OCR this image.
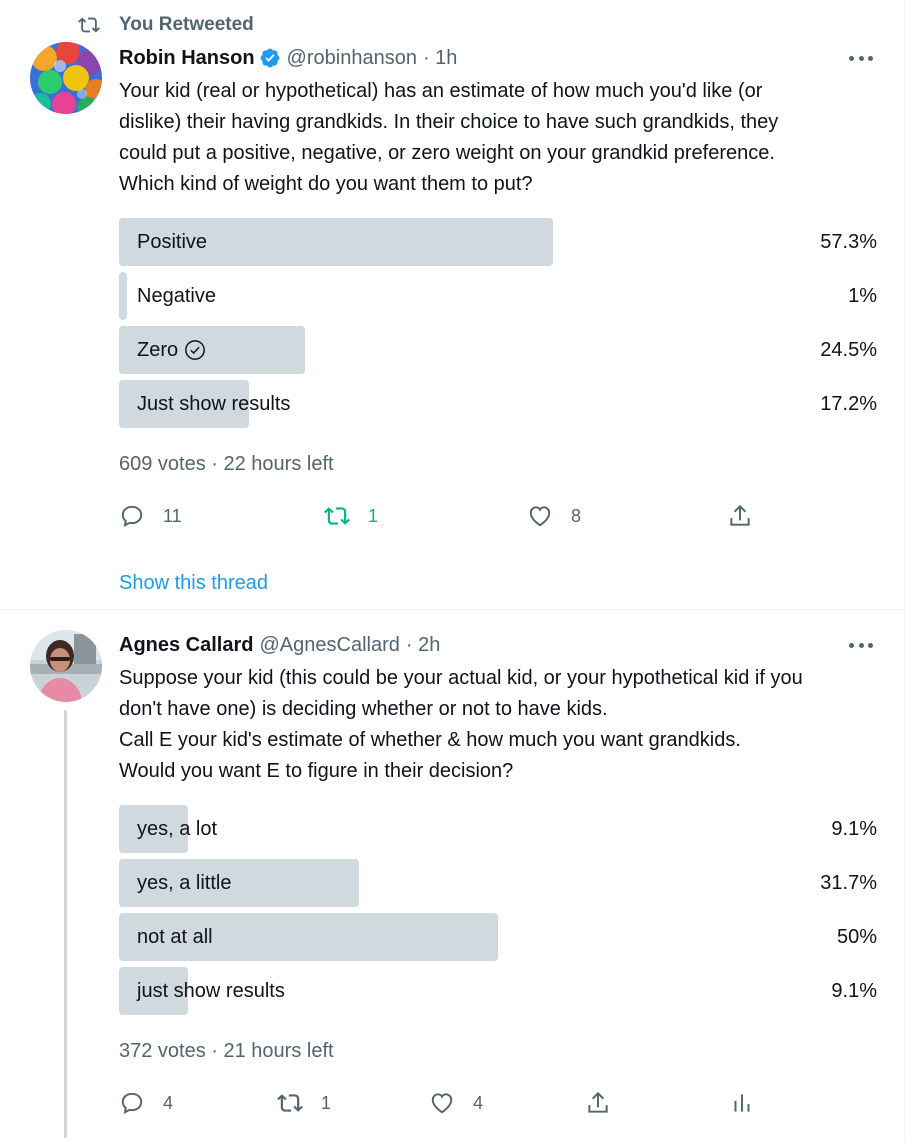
You Retweeted
Robin Hanson @robinhanson · 1h

Your kid (real or hypothetical) has an estimate of how much you'd like (or

dislike) their having grandkids. In their choice to have such grandkids, they

could put a positive, negative, or zero weight on your grandkid preference.

Which kind of weight do you want them to put?

Positive	57.3%
Negative	1%
Zero	24.5%
Just show results	17.2%
609 votes · 22 hours left
11	1	8
Show this thread
Agnes Callard @AgnesCallard · 2h

Suppose your kid (this could be your actual kid, or your hypothetical kid if you

don't have one) is deciding whether or not to have kids.

Call E your kid's estimate of whether & how much you want grandkids.

Would you want E to figure in their decision?

yes, a lot	9.1%
yes, a little	31.7%
not at all	50%
just show results	9.1%
372 votes · 21 hours left
4	1	4
